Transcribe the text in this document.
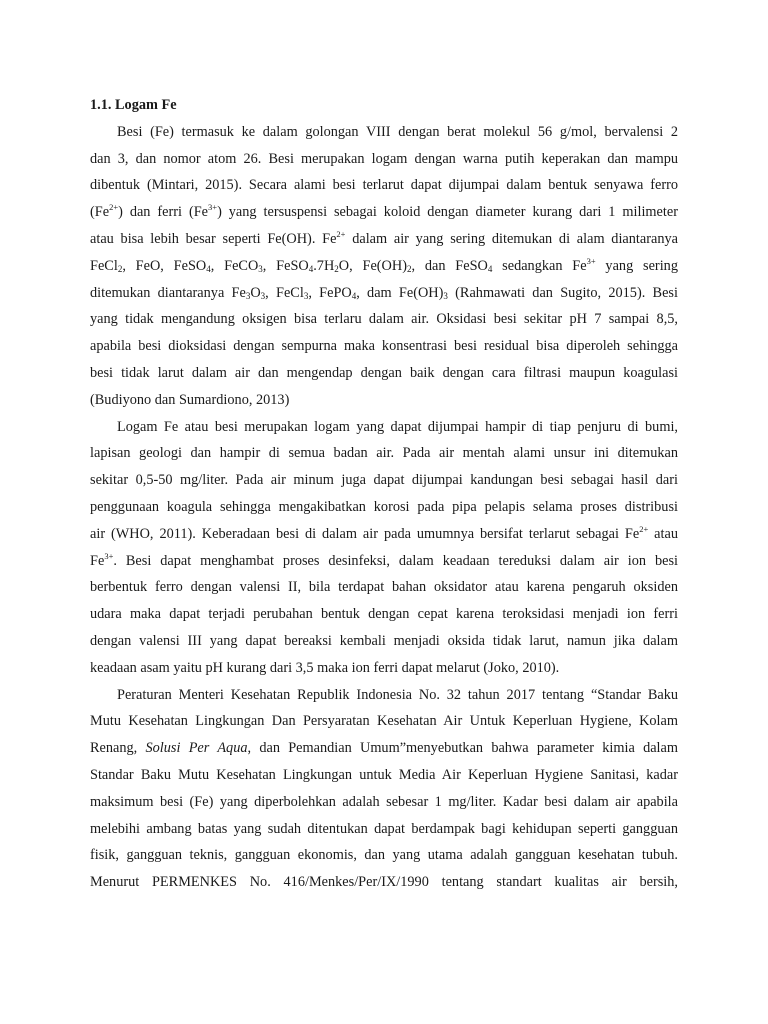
1.1. Logam Fe

Besi (Fe) termasuk ke dalam golongan VIII dengan berat molekul 56 g/mol, bervalensi 2
dan 3, dan nomor atom 26. Besi merupakan logam dengan warna putih keperakan dan mampu
dibentuk (Mintari, 2015). Secara alami besi terlarut dapat dijumpai dalam bentuk senyawa ferro
$(Fe^{2+})$ dan ferri $(Fe^{3+})$ yang tersuspensi sebagai koloid dengan diameter kurang dari 1 milimeter
atau bisa lebih besar seperti Fe(OH). $Fe^{2+}$ dalam air yang sering ditemukan di alam diantaranya
FeCl$_2$, FeO, FeSO$_4$, FeCO$_3$, $FeSO_4.7H_2O$, $Fe(OH)_2$, dan FeSO$_4$ sedangkan $Fe^{3+}$ yang sering
ditemukan diantaranya $Fe_3O_3$, FeCl$_3$, FePO$_4$, dam $Fe(OH)_3$ (Rahmawati dan Sugito, 2015). Besi
yang tidak mengandung oksigen bisa terlaru dalam air. Oksidasi besi sekitar pH 7 sampai 8,5,
apabila besi dioksidasi dengan sempurna maka konsentrasi besi residual bisa diperoleh sehingga
besi tidak larut dalam air dan mengendap dengan baik dengan cara filtrasi maupun koagulasi
(Budiyono dan Sumardiono, 2013)

Logam Fe atau besi merupakan logam yang dapat dijumpai hampir di tiap penjuru di bumi,
lapisan geologi dan hampir di semua badan air. Pada air mentah alami unsur ini ditemukan
sekitar 0,5-50 mg/liter. Pada air minum juga dapat dijumpai kandungan besi sebagai hasil dari
penggunaan koagula sehingga mengakibatkan korosi pada pipa pelapis selama proses distribusi
air (WHO, 2011). Keberadaan besi di dalam air pada umumnya bersifat terlarut sebagai $Fe^{2+}$ atau
$Fe^{3+}$. Besi dapat menghambat proses desinfeksi, dalam keadaan tereduksi dalam air ion besi
berbentuk ferro dengan valensi II, bila terdapat bahan oksidator atau karena pengaruh oksiden
udara maka dapat terjadi perubahan bentuk dengan cepat karena teroksidasi menjadi ion ferri
dengan valensi III yang dapat bereaksi kembali menjadi oksida tidak larut, namun jika dalam
keadaan asam yaitu pH kurang dari 3,5 maka ion ferri dapat melarut (Joko, 2010).

Peraturan Menteri Kesehatan Republik Indonesia No. 32 tahun 2017 tentang “Standar Baku
Mutu Kesehatan Lingkungan Dan Persyaratan Kesehatan Air Untuk Keperluan Hygiene, Kolam
Renang, Solusi Per Aqua, dan Pemandian Umum”menyebutkan bahwa parameter kimia dalam
Standar Baku Mutu Kesehatan Lingkungan untuk Media Air Keperluan Hygiene Sanitasi, kadar
maksimum besi (Fe) yang diperbolehkan adalah sebesar 1 mg/liter. Kadar besi dalam air apabila
melebihi ambang batas yang sudah ditentukan dapat berdampak bagi kehidupan seperti gangguan
fisik, gangguan teknis, gangguan ekonomis, dan yang utama adalah gangguan kesehatan tubuh.
Menurut PERMENKES No. 416/Menkes/Per/IX/1990 tentang standart kualitas air bersih,
